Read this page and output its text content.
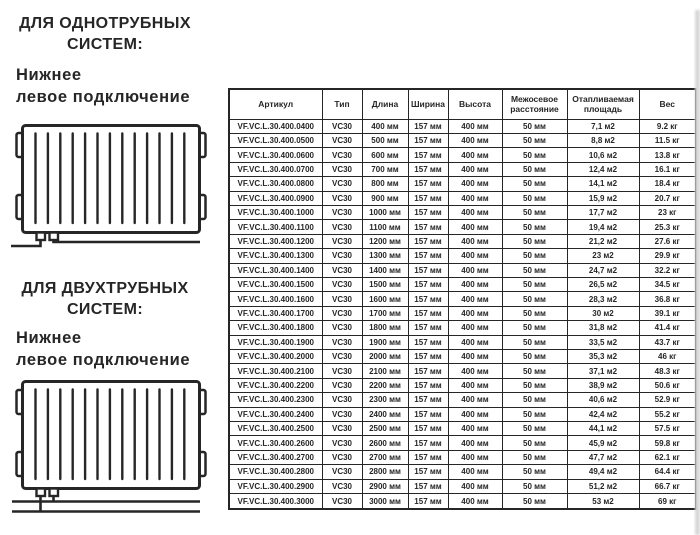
ДЛЯ ОДНОТРУБНЫХ
СИСТЕМ:
Нижнее
левое подключение
ДЛЯ ДВУХТРУБНЫХ
СИСТЕМ:
Нижнее
левое подключение
Артикул	Тип	Длина	Ширина	Высота	Межосевое расстояние	Отапливаемая площадь	Вес
VF.VC.L.30.400.0400	VC30	400 мм	157 мм	400 мм	50 мм	7,1 м2	9.2 кг
VF.VC.L.30.400.0500	VC30	500 мм	157 мм	400 мм	50 мм	8,8 м2	11.5 кг
VF.VC.L.30.400.0600	VC30	600 мм	157 мм	400 мм	50 мм	10,6 м2	13.8 кг
VF.VC.L.30.400.0700	VC30	700 мм	157 мм	400 мм	50 мм	12,4 м2	16.1 кг
VF.VC.L.30.400.0800	VC30	800 мм	157 мм	400 мм	50 мм	14,1 м2	18.4 кг
VF.VC.L.30.400.0900	VC30	900 мм	157 мм	400 мм	50 мм	15,9 м2	20.7 кг
VF.VC.L.30.400.1000	VC30	1000 мм	157 мм	400 мм	50 мм	17,7 м2	23 кг
VF.VC.L.30.400.1100	VC30	1100 мм	157 мм	400 мм	50 мм	19,4 м2	25.3 кг
VF.VC.L.30.400.1200	VC30	1200 мм	157 мм	400 мм	50 мм	21,2 м2	27.6 кг
VF.VC.L.30.400.1300	VC30	1300 мм	157 мм	400 мм	50 мм	23 м2	29.9 кг
VF.VC.L.30.400.1400	VC30	1400 мм	157 мм	400 мм	50 мм	24,7 м2	32.2 кг
VF.VC.L.30.400.1500	VC30	1500 мм	157 мм	400 мм	50 мм	26,5 м2	34.5 кг
VF.VC.L.30.400.1600	VC30	1600 мм	157 мм	400 мм	50 мм	28,3 м2	36.8 кг
VF.VC.L.30.400.1700	VC30	1700 мм	157 мм	400 мм	50 мм	30 м2	39.1 кг
VF.VC.L.30.400.1800	VC30	1800 мм	157 мм	400 мм	50 мм	31,8 м2	41.4 кг
VF.VC.L.30.400.1900	VC30	1900 мм	157 мм	400 мм	50 мм	33,5 м2	43.7 кг
VF.VC.L.30.400.2000	VC30	2000 мм	157 мм	400 мм	50 мм	35,3 м2	46 кг
VF.VC.L.30.400.2100	VC30	2100 мм	157 мм	400 мм	50 мм	37,1 м2	48.3 кг
VF.VC.L.30.400.2200	VC30	2200 мм	157 мм	400 мм	50 мм	38,9 м2	50.6 кг
VF.VC.L.30.400.2300	VC30	2300 мм	157 мм	400 мм	50 мм	40,6 м2	52.9 кг
VF.VC.L.30.400.2400	VC30	2400 мм	157 мм	400 мм	50 мм	42,4 м2	55.2 кг
VF.VC.L.30.400.2500	VC30	2500 мм	157 мм	400 мм	50 мм	44,1 м2	57.5 кг
VF.VC.L.30.400.2600	VC30	2600 мм	157 мм	400 мм	50 мм	45,9 м2	59.8 кг
VF.VC.L.30.400.2700	VC30	2700 мм	157 мм	400 мм	50 мм	47,7 м2	62.1 кг
VF.VC.L.30.400.2800	VC30	2800 мм	157 мм	400 мм	50 мм	49,4 м2	64.4 кг
VF.VC.L.30.400.2900	VC30	2900 мм	157 мм	400 мм	50 мм	51,2 м2	66.7 кг
VF.VC.L.30.400.3000	VC30	3000 мм	157 мм	400 мм	50 мм	53 м2	69 кг
